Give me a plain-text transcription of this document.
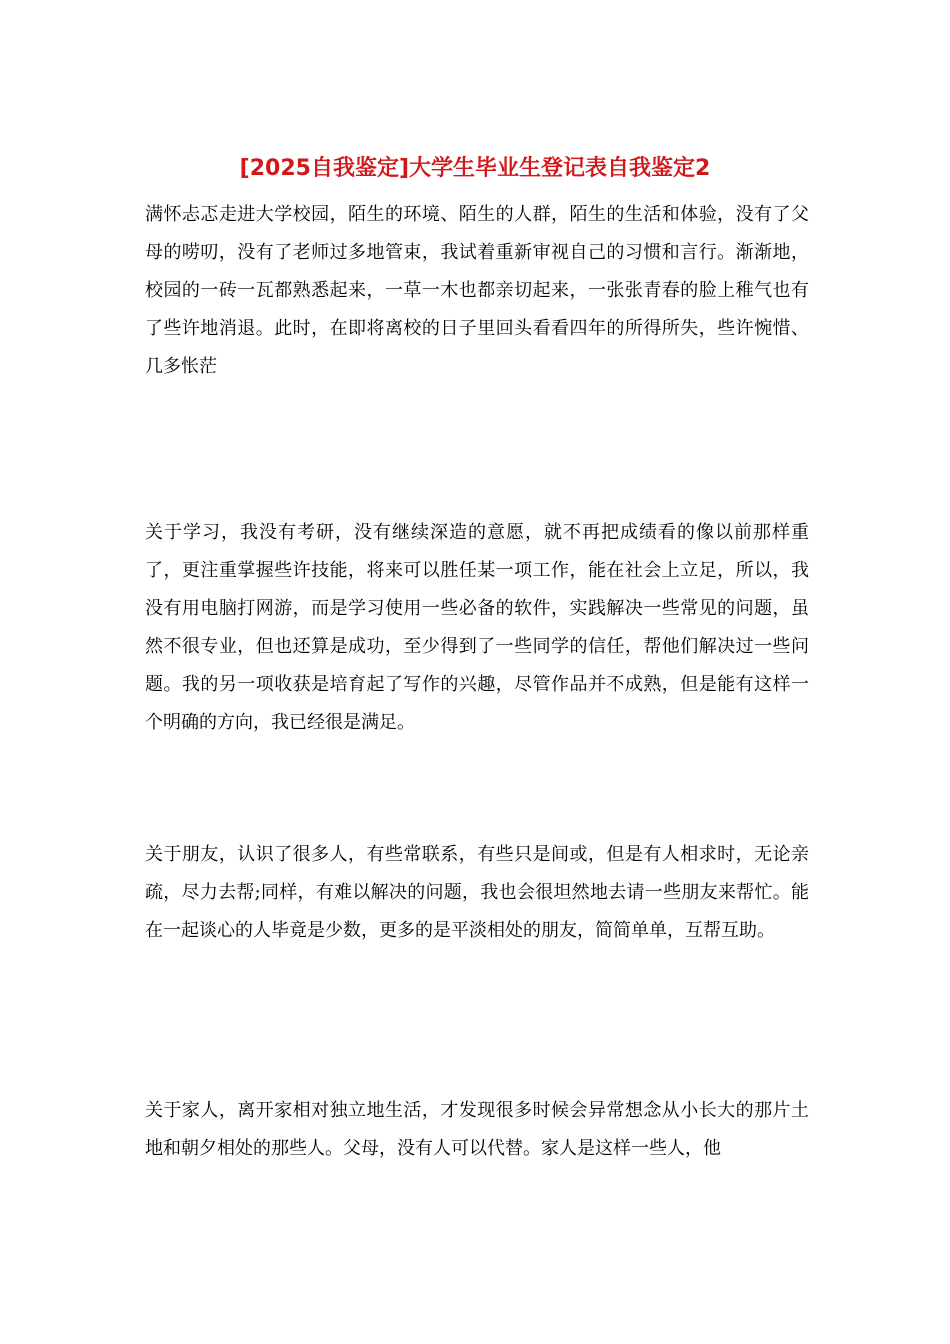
[2025自我鉴定]大学生毕业生登记表自我鉴定2

满怀忐忑走进大学校园，陌生的环境、陌生的人群，陌生的生活和体验，没有了父母的唠叨，没有了老师过多地管束，我试着重新审视自己的习惯和言行。渐渐地，校园的一砖一瓦都熟悉起来，一草一木也都亲切起来，一张张青春的脸上稚气也有了些许地消退。此时，在即将离校的日子里回头看看四年的所得所失，些许惋惜、几多怅茫

关于学习，我没有考研，没有继续深造的意愿，就不再把成绩看的像以前那样重了，更注重掌握些许技能，将来可以胜任某一项工作，能在社会上立足，所以，我没有用电脑打网游，而是学习使用一些必备的软件，实践解决一些常见的问题，虽然不很专业，但也还算是成功，至少得到了一些同学的信任，帮他们解决过一些问题。我的另一项收获是培育起了写作的兴趣，尽管作品并不成熟，但是能有这样一个明确的方向，我已经很是满足。

关于朋友，认识了很多人，有些常联系，有些只是间或，但是有人相求时，无论亲疏，尽力去帮;同样，有难以解决的问题，我也会很坦然地去请一些朋友来帮忙。能在一起谈心的人毕竟是少数，更多的是平淡相处的朋友，简简单单，互帮互助。

关于家人，离开家相对独立地生活，才发现很多时候会异常想念从小长大的那片土地和朝夕相处的那些人。父母，没有人可以代替。家人是这样一些人，他
